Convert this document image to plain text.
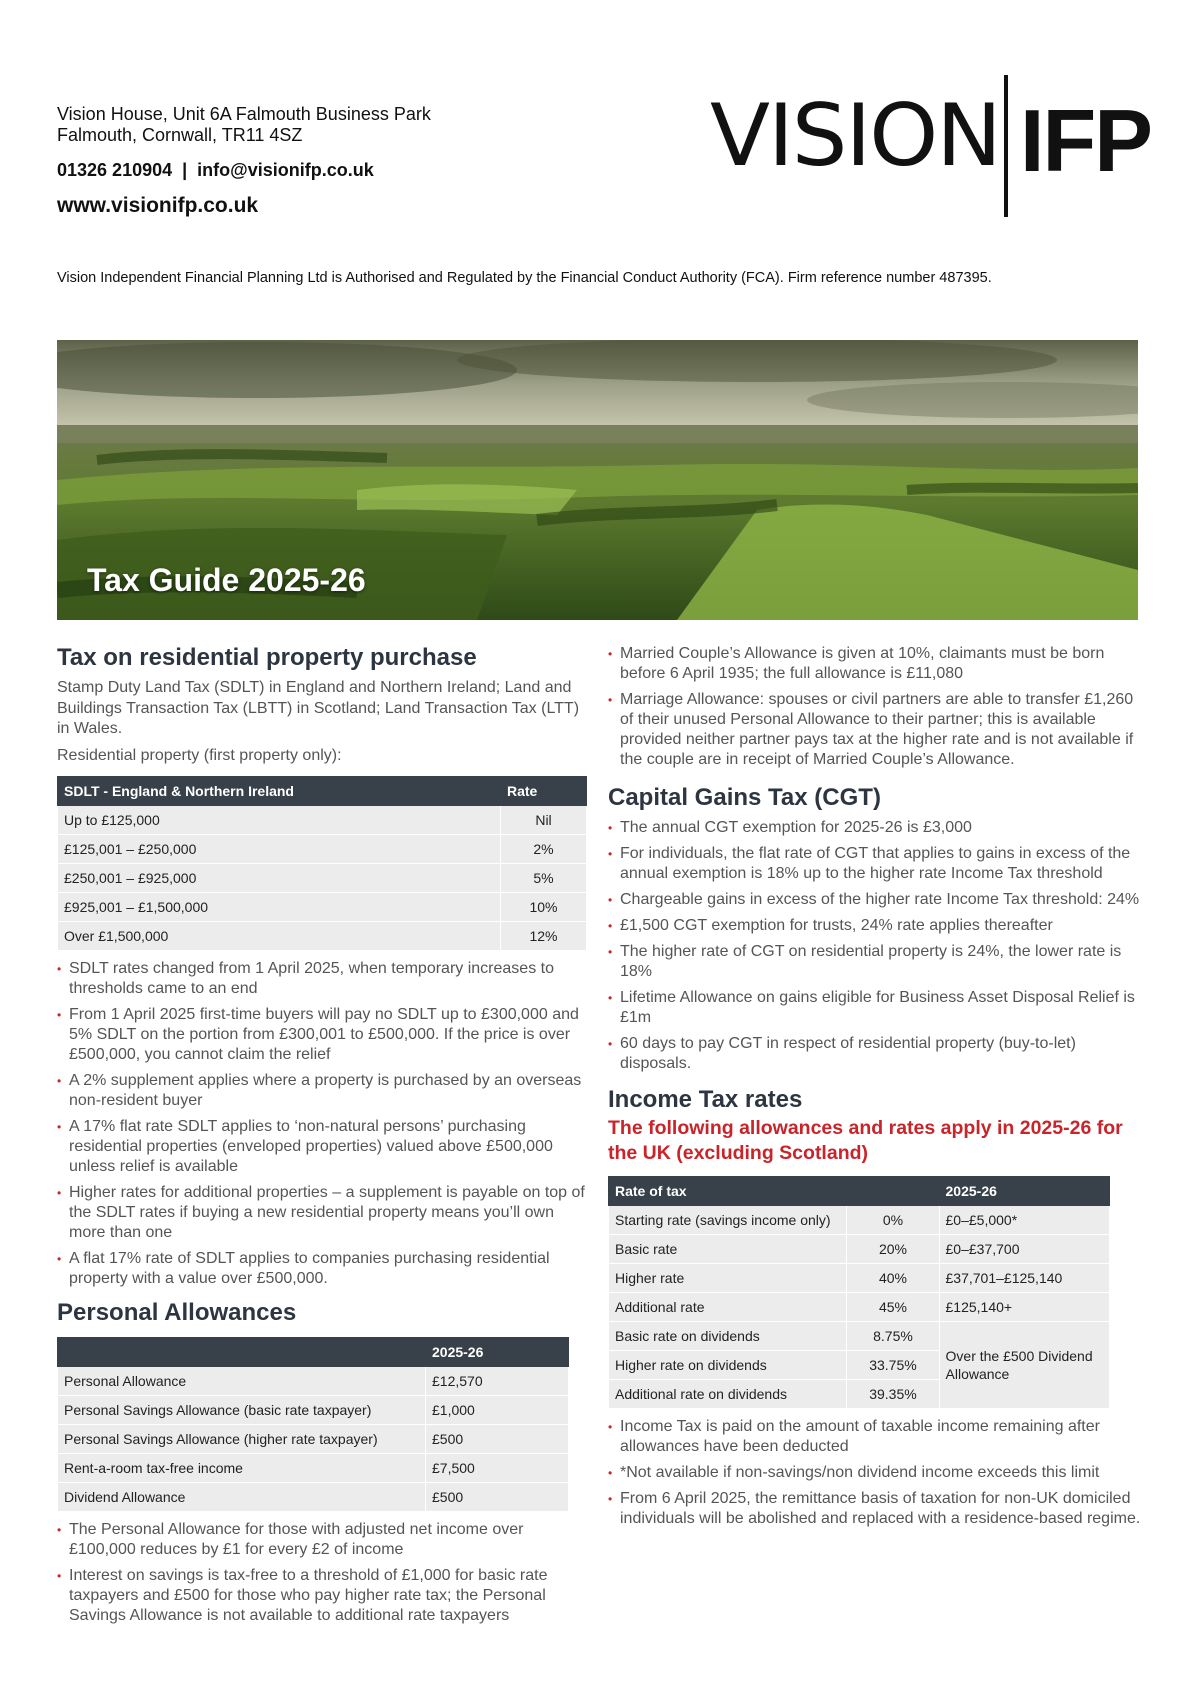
Vision House, Unit 6A Falmouth Business Park
Falmouth, Cornwall, TR11 4SZ
01326 210904  |  info@visionifp.co.uk
www.visionifp.co.uk
VISION IFP
Vision Independent Financial Planning Ltd is Authorised and Regulated by the Financial Conduct Authority (FCA). Firm reference number 487395.
Tax Guide 2025-26
Tax on residential property purchase

Stamp Duty Land Tax (SDLT) in England and Northern Ireland; Land and Buildings Transaction Tax (LBTT) in Scotland; Land Transaction Tax (LTT) in Wales.

Residential property (first property only):

SDLT - England & Northern Ireland	Rate
Up to £125,000	Nil
£125,001 – £250,000	2%
£250,001 – £925,000	5%
£925,001 – £1,500,000	10%
Over £1,500,000	12%
• SDLT rates changed from 1 April 2025, when temporary increases to thresholds came to an end
• From 1 April 2025 first-time buyers will pay no SDLT up to £300,000 and 5% SDLT on the portion from £300,001 to £500,000. If the price is over £500,000, you cannot claim the relief
• A 2% supplement applies where a property is purchased by an overseas non-resident buyer
• A 17% flat rate SDLT applies to ‘non-natural persons’ purchasing residential properties (enveloped properties) valued above £500,000 unless relief is available
• Higher rates for additional properties – a supplement is payable on top of the SDLT rates if buying a new residential property means you’ll own more than one
• A flat 17% rate of SDLT applies to companies purchasing residential property with a value over £500,000.
Personal Allowances
	2025-26
Personal Allowance	£12,570
Personal Savings Allowance (basic rate taxpayer)	£1,000
Personal Savings Allowance (higher rate taxpayer)	£500
Rent-a-room tax-free income	£7,500
Dividend Allowance	£500
• The Personal Allowance for those with adjusted net income over £100,000 reduces by £1 for every £2 of income
• Interest on savings is tax-free to a threshold of £1,000 for basic rate taxpayers and £500 for those who pay higher rate tax; the Personal Savings Allowance is not available to additional rate taxpayers
• Married Couple’s Allowance is given at 10%, claimants must be born before 6 April 1935; the full allowance is £11,080
• Marriage Allowance: spouses or civil partners are able to transfer £1,260 of their unused Personal Allowance to their partner; this is available provided neither partner pays tax at the higher rate and is not available if the couple are in receipt of Married Couple’s Allowance.
Capital Gains Tax (CGT)
• The annual CGT exemption for 2025-26 is £3,000
• For individuals, the flat rate of CGT that applies to gains in excess of the annual exemption is 18% up to the higher rate Income Tax threshold
• Chargeable gains in excess of the higher rate Income Tax threshold: 24%
• £1,500 CGT exemption for trusts, 24% rate applies thereafter
• The higher rate of CGT on residential property is 24%, the lower rate is 18%
• Lifetime Allowance on gains eligible for Business Asset Disposal Relief is £1m
• 60 days to pay CGT in respect of residential property (buy-to-let) disposals.
Income Tax rates
The following allowances and rates apply in 2025-26 for the UK (excluding Scotland)
Rate of tax		2025-26
Starting rate (savings income only)	0%	£0–£5,000*
Basic rate	20%	£0–£37,700
Higher rate	40%	£37,701–£125,140
Additional rate	45%	£125,140+
Basic rate on dividends	8.75%	Over the £500 Dividend Allowance
Higher rate on dividends	33.75%	
Additional rate on dividends	39.35%	
• Income Tax is paid on the amount of taxable income remaining after allowances have been deducted
• *Not available if non-savings/non dividend income exceeds this limit
• From 6 April 2025, the remittance basis of taxation for non-UK domiciled individuals will be abolished and replaced with a residence-based regime.
